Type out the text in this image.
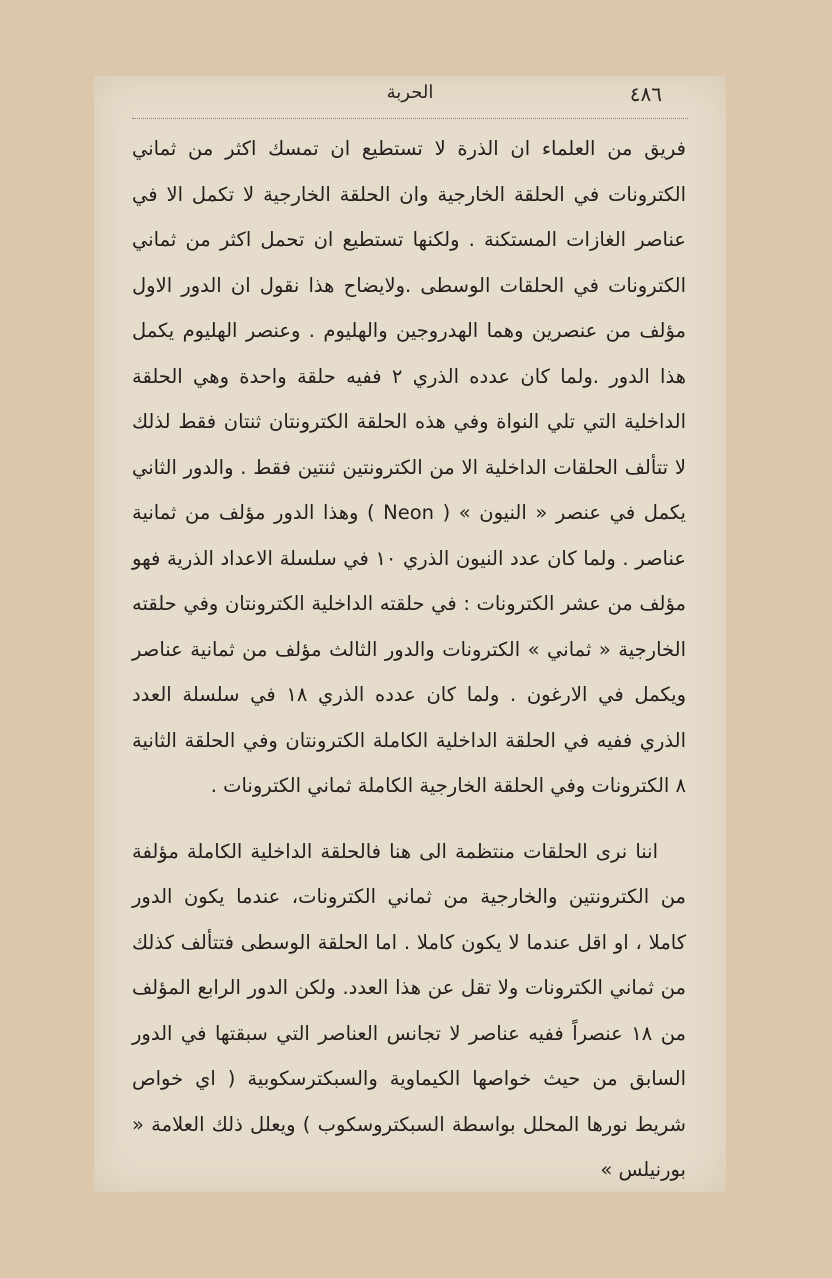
٤٨٦
الحربة

فريق من العلماء ان الذرة لا تستطيع ان تمسك اكثر من ثماني الكترونات في الحلقة الخارجية وان الحلقة الخارجية لا تكمل الا في عناصر الغازات المستكنة . ولكنها تستطيع ان تحمل اكثر من ثماني الكترونات في الحلقات الوسطى .ولايضاح هذا نقول ان الدور الاول مؤلف من عنصرين وهما الهدروجين والهليوم . وعنصر الهليوم يكمل هذا الدور .ولما كان عدده الذري ٢ ففيه حلقة واحدة وهي الحلقة الداخلية التي تلي النواة وفي هذه الحلقة الكترونتان ثنتان فقط لذلك لا تتألف الحلقات الداخلية الا من الكترونتين ثنتين فقط . والدور الثاني يكمل في عنصر « النيون » ( Neon ) وهذا الدور مؤلف من ثمانية عناصر . ولما كان عدد النيون الذري ١٠ في سلسلة الاعداد الذرية فهو مؤلف من عشر الكترونات : في حلقته الداخلية الكترونتان وفي حلقته الخارجية « ثماني » الكترونات والدور الثالث مؤلف من ثمانية عناصر ويكمل في الارغون . ولما كان عدده الذري ١٨ في سلسلة العدد الذري ففيه في الحلقة الداخلية الكاملة الكترونتان وفي الحلقة الثانية ٨ الكترونات وفي الحلقة الخارجية الكاملة ثماني الكترونات .

اننا نرى الحلقات منتظمة الى هنا فالحلقة الداخلية الكاملة مؤلفة من الكترونتين والخارجية من ثماني الكترونات، عندما يكون الدور كاملا ، او اقل عندما لا يكون كاملا . اما الحلقة الوسطى فتتألف كذلك من ثماني الكترونات ولا تقل عن هذا العدد. ولكن الدور الرابع المؤلف من ١٨ عنصراً ففيه عناصر لا تجانس العناصر التي سبقتها في الدور السابق من حيث خواصها الكيماوية والسبكترسكوبية ( اي خواص شريط نورها المحلل بواسطة السبكتروسكوب ) ويعلل ذلك العلامة « بورنيلس »
